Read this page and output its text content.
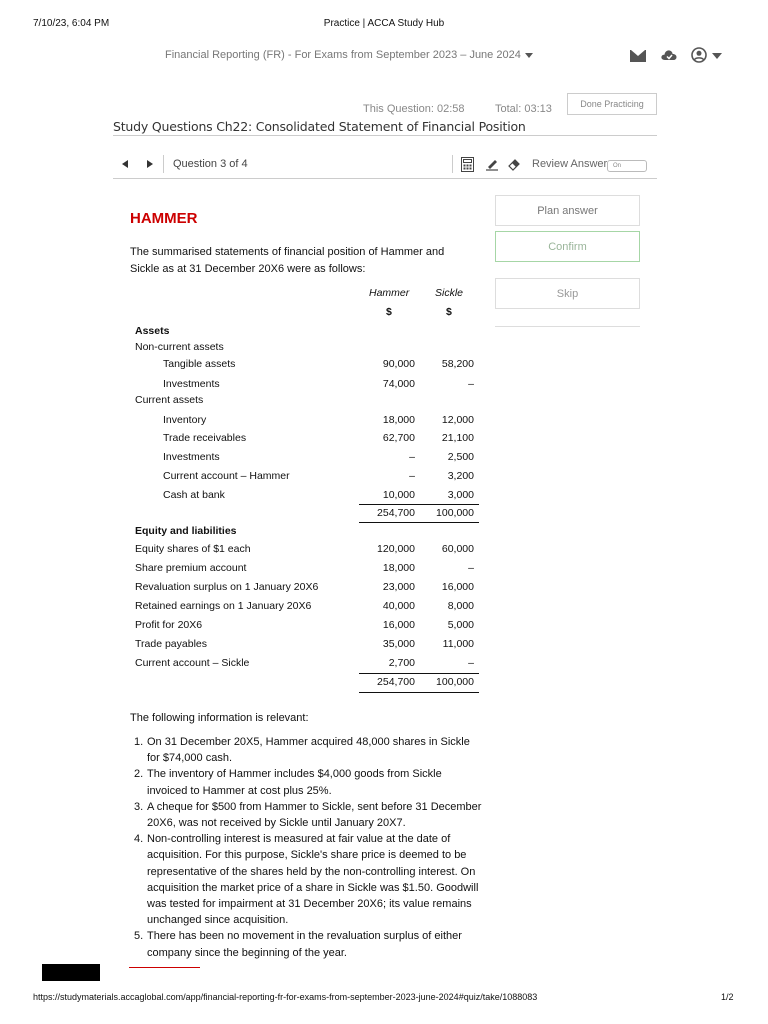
7/10/23, 6:04 PM	Practice | ACCA Study Hub
Financial Reporting (FR) - For Exams from September 2023 – June 2024
This Question: 02:58	Total: 03:13	Done Practicing
Study Questions Ch22: Consolidated Statement of Financial Position
Question 3 of 4	Review Answer On
Plan answer
Confirm
Skip
HAMMER
The summarised statements of financial position of Hammer and Sickle as at 31 December 20X6 were as follows:
Hammer Sickle
$	$
Assets
Non-current assets
Tangible assets	90,000	58,200
Investments	74,000	–
Current assets
Inventory	18,000	12,000
Trade receivables	62,700	21,100
Investments	–	2,500
Current account – Hammer	–	3,200
Cash at bank	10,000	3,000
254,700	100,000
Equity and liabilities
Equity shares of $1 each	120,000	60,000
Share premium account	18,000	–
Revaluation surplus on 1 January 20X6	23,000	16,000
Retained earnings on 1 January 20X6	40,000	8,000
Profit for 20X6	16,000	5,000
Trade payables	35,000	11,000
Current account – Sickle	2,700	–
254,700	100,000
The following information is relevant:
1. On 31 December 20X5, Hammer acquired 48,000 shares in Sickle for $74,000 cash.
2. The inventory of Hammer includes $4,000 goods from Sickle invoiced to Hammer at cost plus 25%.
3. A cheque for $500 from Hammer to Sickle, sent before 31 December 20X6, was not received by Sickle until January 20X7.
4. Non-controlling interest is measured at fair value at the date of acquisition. For this purpose, Sickle's share price is deemed to be representative of the shares held by the non-controlling interest. On acquisition the market price of a share in Sickle was $1.50. Goodwill was tested for impairment at 31 December 20X6; its value remains unchanged since acquisition.
5. There has been no movement in the revaluation surplus of either company since the beginning of the year.
https://studymaterials.accaglobal.com/app/financial-reporting-fr-for-exams-from-september-2023-june-2024#quiz/take/1088083	1/2
